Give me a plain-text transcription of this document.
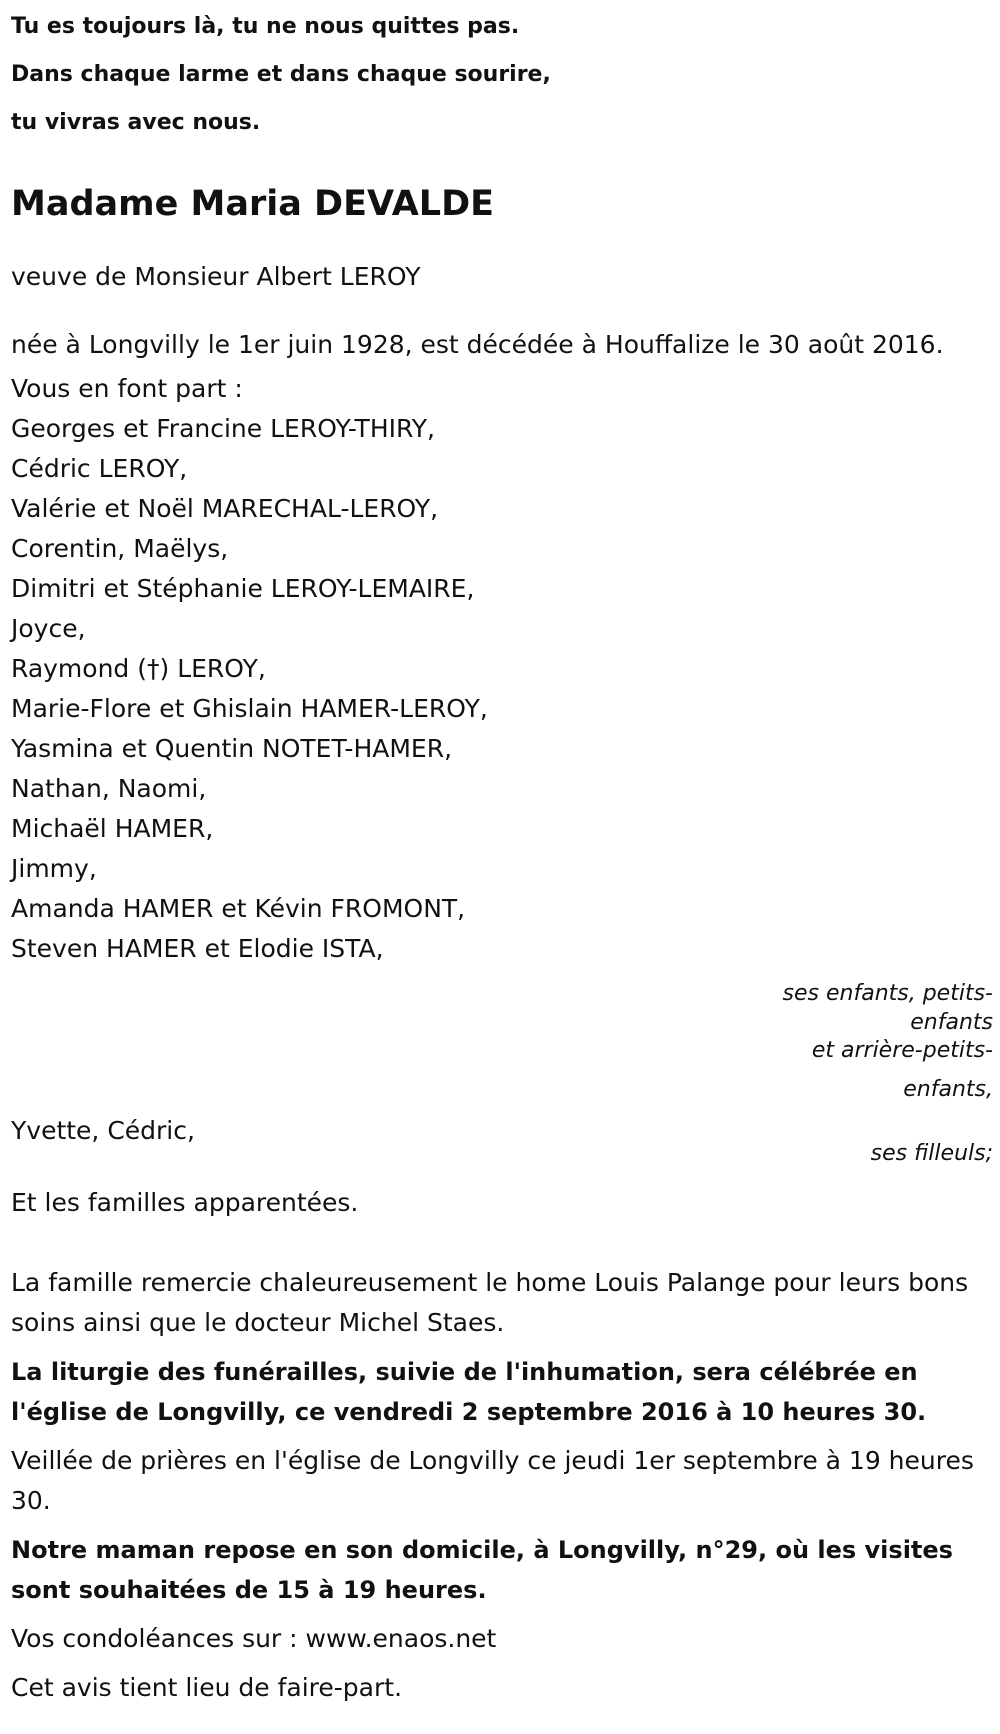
Tu es toujours là, tu ne nous quittes pas.
Dans chaque larme et dans chaque sourire,
tu vivras avec nous.
Madame Maria DEVALDE
veuve de Monsieur Albert LEROY
née à Longvilly le 1er juin 1928, est décédée à Houffalize le 30 août 2016.
Vous en font part :
Georges et Francine LEROY-THIRY,
Cédric LEROY,
Valérie et Noël MARECHAL-LEROY,
Corentin, Maëlys,
Dimitri et Stéphanie LEROY-LEMAIRE,
Joyce,
Raymond (†) LEROY,
Marie-Flore et Ghislain HAMER-LEROY,
Yasmina et Quentin NOTET-HAMER,
Nathan, Naomi,
Michaël HAMER,
Jimmy,
Amanda HAMER et Kévin FROMONT,
Steven HAMER et Elodie ISTA,
ses enfants, petits-
enfants
et arrière-petits-
enfants,
Yvette, Cédric,
ses filleuls;
Et les familles apparentées.
La famille remercie chaleureusement le home Louis Palange pour leurs bons soins ainsi que le docteur Michel Staes.
La liturgie des funérailles, suivie de l'inhumation, sera célébrée en l'église de Longvilly, ce vendredi 2 septembre 2016 à 10 heures 30.
Veillée de prières en l'église de Longvilly ce jeudi 1er septembre à 19 heures 30.
Notre maman repose en son domicile, à Longvilly, n°29, où les visites sont souhaitées de 15 à 19 heures.
Vos condoléances sur : www.enaos.net
Cet avis tient lieu de faire-part.
